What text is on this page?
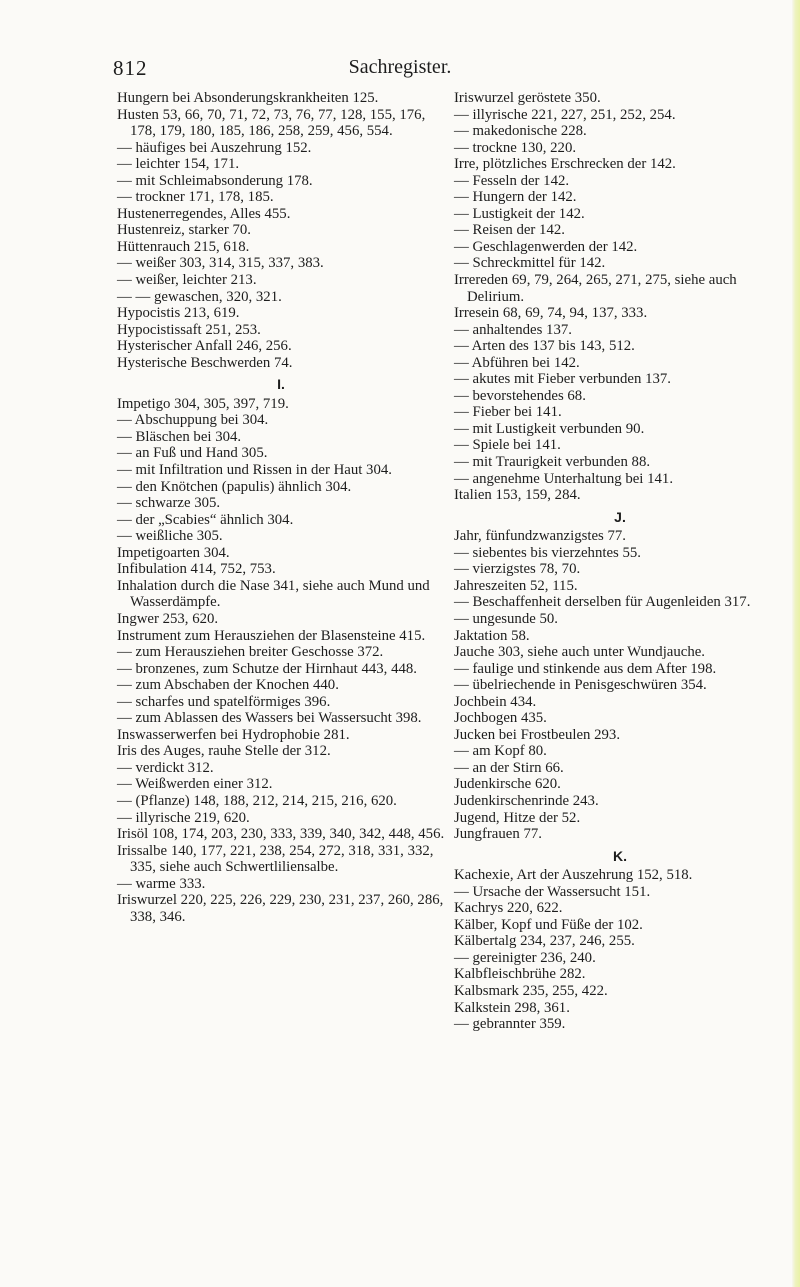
812	Sachregister.

Hungern bei Absonderungskrankheiten 125.

Husten 53, 66, 70, 71, 72, 73, 76, 77, 128, 155, 176, 178, 179, 180, 185, 186, 258, 259, 456, 554.

— häufiges bei Auszehrung 152.

— leichter 154, 171.

— mit Schleimabsonderung 178.

— trockner 171, 178, 185.

Hustenerregendes, Alles 455.

Hustenreiz, starker 70.

Hüttenrauch 215, 618.

— weißer 303, 314, 315, 337, 383.

— weißer, leichter 213.

— — gewaschen, 320, 321.

Hypocistis 213, 619.

Hypocistissaft 251, 253.

Hysterischer Anfall 246, 256.

Hysterische Beschwerden 74.

I.

Impetigo 304, 305, 397, 719.

— Abschuppung bei 304.

— Bläschen bei 304.

— an Fuß und Hand 305.

— mit Infiltration und Rissen in der Haut 304.

— den Knötchen (papulis) ähnlich 304.

— schwarze 305.

— der „Scabies“ ähnlich 304.

— weißliche 305.

Impetigoarten 304.

Infibulation 414, 752, 753.

Inhalation durch die Nase 341, siehe auch Mund und Wasserdämpfe.

Ingwer 253, 620.

Instrument zum Herausziehen der Blasensteine 415.

— zum Herausziehen breiter Geschosse 372.

— bronzenes, zum Schutze der Hirnhaut 443, 448.

— zum Abschaben der Knochen 440.

— scharfes und spatelförmiges 396.

— zum Ablassen des Wassers bei Wassersucht 398.

Inswasserwerfen bei Hydrophobie 281.

Iris des Auges, rauhe Stelle der 312.

— verdickt 312.

— Weißwerden einer 312.

— (Pflanze) 148, 188, 212, 214, 215, 216, 620.

— illyrische 219, 620.

Irisöl 108, 174, 203, 230, 333, 339, 340, 342, 448, 456.

Irissalbe 140, 177, 221, 238, 254, 272, 318, 331, 332, 335, siehe auch Schwertliliensalbe.

— warme 333.

Iriswurzel 220, 225, 226, 229, 230, 231, 237, 260, 286, 338, 346.

Iriswurzel geröstete 350.

— illyrische 221, 227, 251, 252, 254.

— makedonische 228.

— trockne 130, 220.

Irre, plötzliches Erschrecken der 142.

— Fesseln der 142.

— Hungern der 142.

— Lustigkeit der 142.

— Reisen der 142.

— Geschlagenwerden der 142.

— Schreckmittel für 142.

Irrereden 69, 79, 264, 265, 271, 275, siehe auch Delirium.

Irresein 68, 69, 74, 94, 137, 333.

— anhaltendes 137.

— Arten des 137 bis 143, 512.

— Abführen bei 142.

— akutes mit Fieber verbunden 137.

— bevorstehendes 68.

— Fieber bei 141.

— mit Lustigkeit verbunden 90.

— Spiele bei 141.

— mit Traurigkeit verbunden 88.

— angenehme Unterhaltung bei 141.

Italien 153, 159, 284.

J.

Jahr, fünfundzwanzigstes 77.

— siebentes bis vierzehntes 55.

— vierzigstes 78, 70.

Jahreszeiten 52, 115.

— Beschaffenheit derselben für Augenleiden 317.

— ungesunde 50.

Jaktation 58.

Jauche 303, siehe auch unter Wundjauche.

— faulige und stinkende aus dem After 198.

— übelriechende in Penisgeschwüren 354.

Jochbein 434.

Jochbogen 435.

Jucken bei Frostbeulen 293.

— am Kopf 80.

— an der Stirn 66.

Judenkirsche 620.

Judenkirschenrinde 243.

Jugend, Hitze der 52.

Jungfrauen 77.

K.

Kachexie, Art der Auszehrung 152, 518.

— Ursache der Wassersucht 151.

Kachrys 220, 622.

Kälber, Kopf und Füße der 102.

Kälbertalg 234, 237, 246, 255.

— gereinigter 236, 240.

Kalbfleischbrühe 282.

Kalbsmark 235, 255, 422.

Kalkstein 298, 361.

— gebrannter 359.
